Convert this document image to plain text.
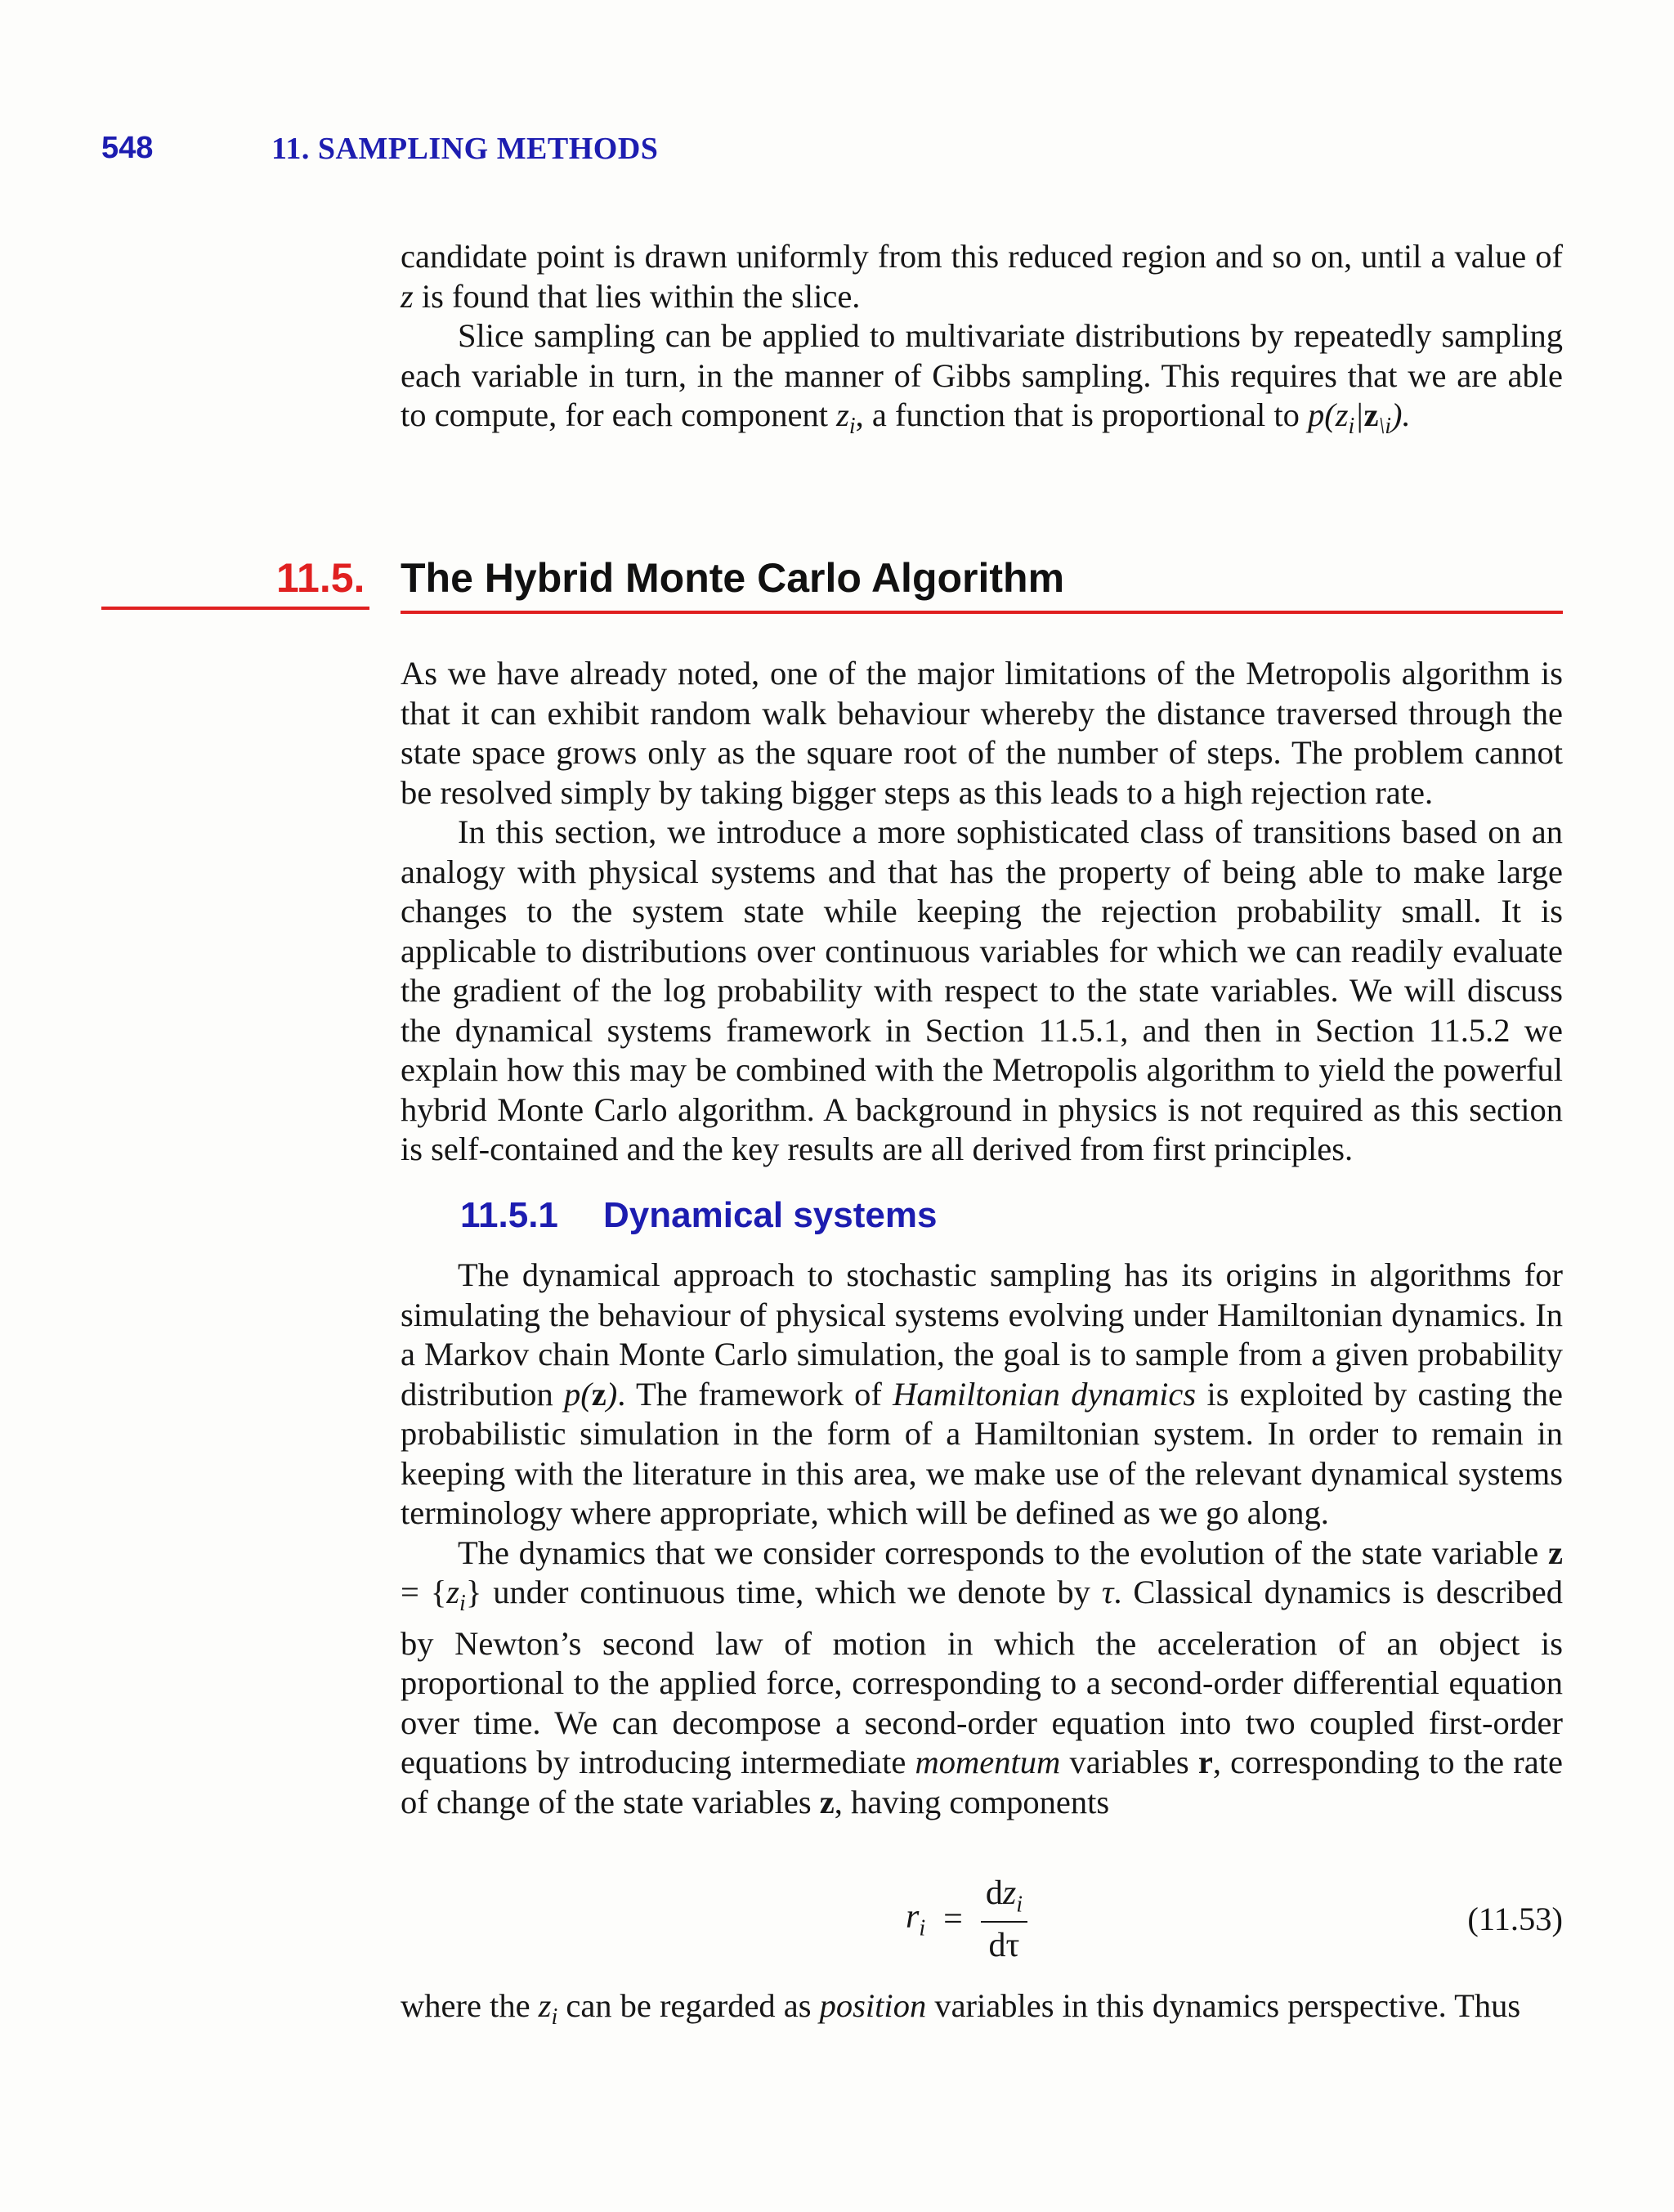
548	11. SAMPLING METHODS

candidate point is drawn uniformly from this reduced region and so on, until a value of z is found that lies within the slice.

Slice sampling can be applied to multivariate distributions by repeatedly sampling each variable in turn, in the manner of Gibbs sampling. This requires that we are able to compute, for each component $z_i$, a function that is proportional to $p(z_i|z_{\backslash i})$.

11.5. The Hybrid Monte Carlo Algorithm

As we have already noted, one of the major limitations of the Metropolis algorithm is that it can exhibit random walk behaviour whereby the distance traversed through the state space grows only as the square root of the number of steps. The problem cannot be resolved simply by taking bigger steps as this leads to a high rejection rate.

In this section, we introduce a more sophisticated class of transitions based on an analogy with physical systems and that has the property of being able to make large changes to the system state while keeping the rejection probability small. It is applicable to distributions over continuous variables for which we can readily evaluate the gradient of the log probability with respect to the state variables. We will discuss the dynamical systems framework in Section 11.5.1, and then in Section 11.5.2 we explain how this may be combined with the Metropolis algorithm to yield the powerful hybrid Monte Carlo algorithm. A background in physics is not required as this section is self-contained and the key results are all derived from first principles.

11.5.1 Dynamical systems

The dynamical approach to stochastic sampling has its origins in algorithms for simulating the behaviour of physical systems evolving under Hamiltonian dynamics. In a Markov chain Monte Carlo simulation, the goal is to sample from a given probability distribution p(z). The framework of Hamiltonian dynamics is exploited by casting the probabilistic simulation in the form of a Hamiltonian system. In order to remain in keeping with the literature in this area, we make use of the relevant dynamical systems terminology where appropriate, which will be defined as we go along.

The dynamics that we consider corresponds to the evolution of the state variable $z = \{z_i\}$ under continuous time, which we denote by τ. Classical dynamics is described by Newton’s second law of motion in which the acceleration of an object is proportional to the applied force, corresponding to a second-order differential equation over time. We can decompose a second-order equation into two coupled first-order equations by introducing intermediate momentum variables r, corresponding to the rate of change of the state variables z, having components

$r_i = \frac{dz_i}{d\tau}$	(11.53)

where the $z_i$ can be regarded as position variables in this dynamics perspective. Thus
